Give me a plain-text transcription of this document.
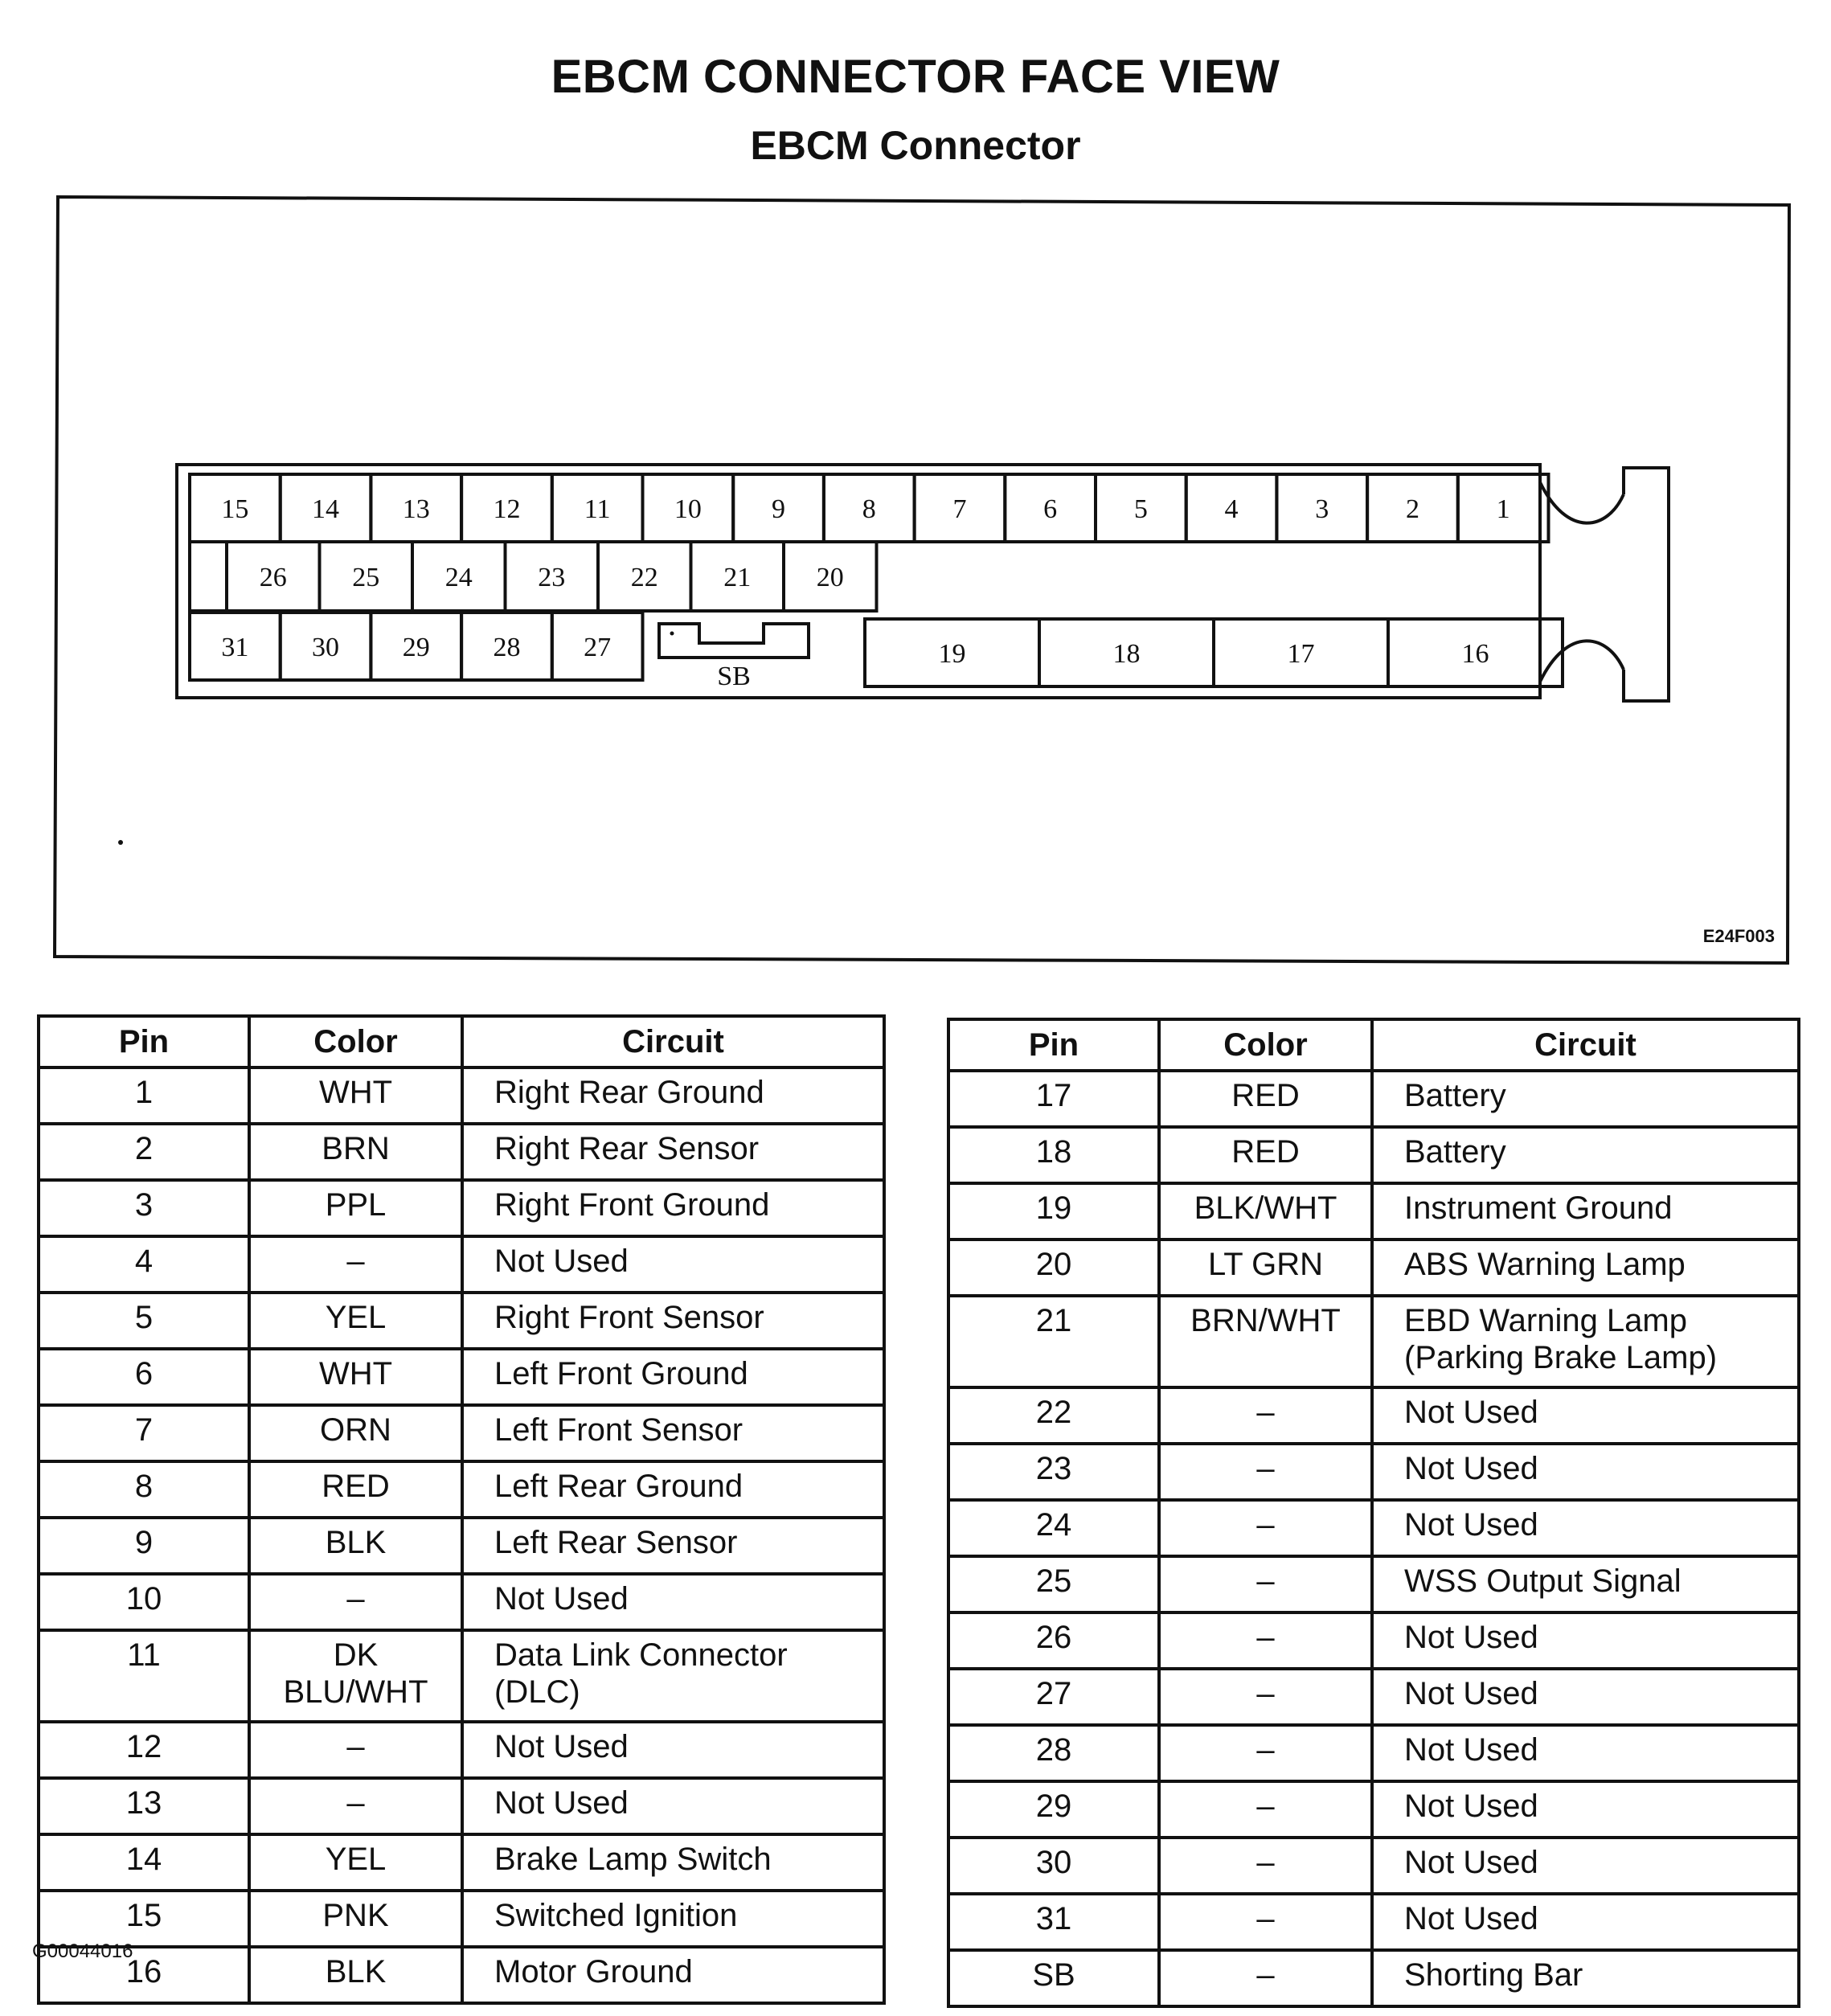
EBCM CONNECTOR FACE VIEW
EBCM Connector
15 14 13 12 11 10	9	8	7	6	5	4	3	2	1
26 25 24 23 22 21 20
31 30 29 28 27	19	18	17	16
SB
E24F003
Pin	Color	Circuit
1	WHT	Right Rear Ground
2	BRN	Right Rear Sensor
3	PPL	Right Front Ground
4	–	Not Used
5	YEL	Right Front Sensor
6	WHT	Left Front Ground
7	ORN	Left Front Sensor
8	RED	Left Rear Ground
9	BLK	Left Rear Sensor
10	–	Not Used
11	DK
BLU/WHT	Data Link Connector
(DLC)
12	–	Not Used
13	–	Not Used
14	YEL	Brake Lamp Switch
15	PNK	Switched Ignition
16	BLK	Motor Ground
Pin	Color	Circuit
17	RED	Battery
18	RED	Battery
19	BLK/WHT	Instrument Ground
20	LT GRN	ABS Warning Lamp
21	BRN/WHT	EBD Warning Lamp
(Parking Brake Lamp)
22	–	Not Used
23	–	Not Used
24	–	Not Used
25	–	WSS Output Signal
26	–	Not Used
27	–	Not Used
28	–	Not Used
29	–	Not Used
30	–	Not Used
31	–	Not Used
SB	–	Shorting Bar
G00044016
